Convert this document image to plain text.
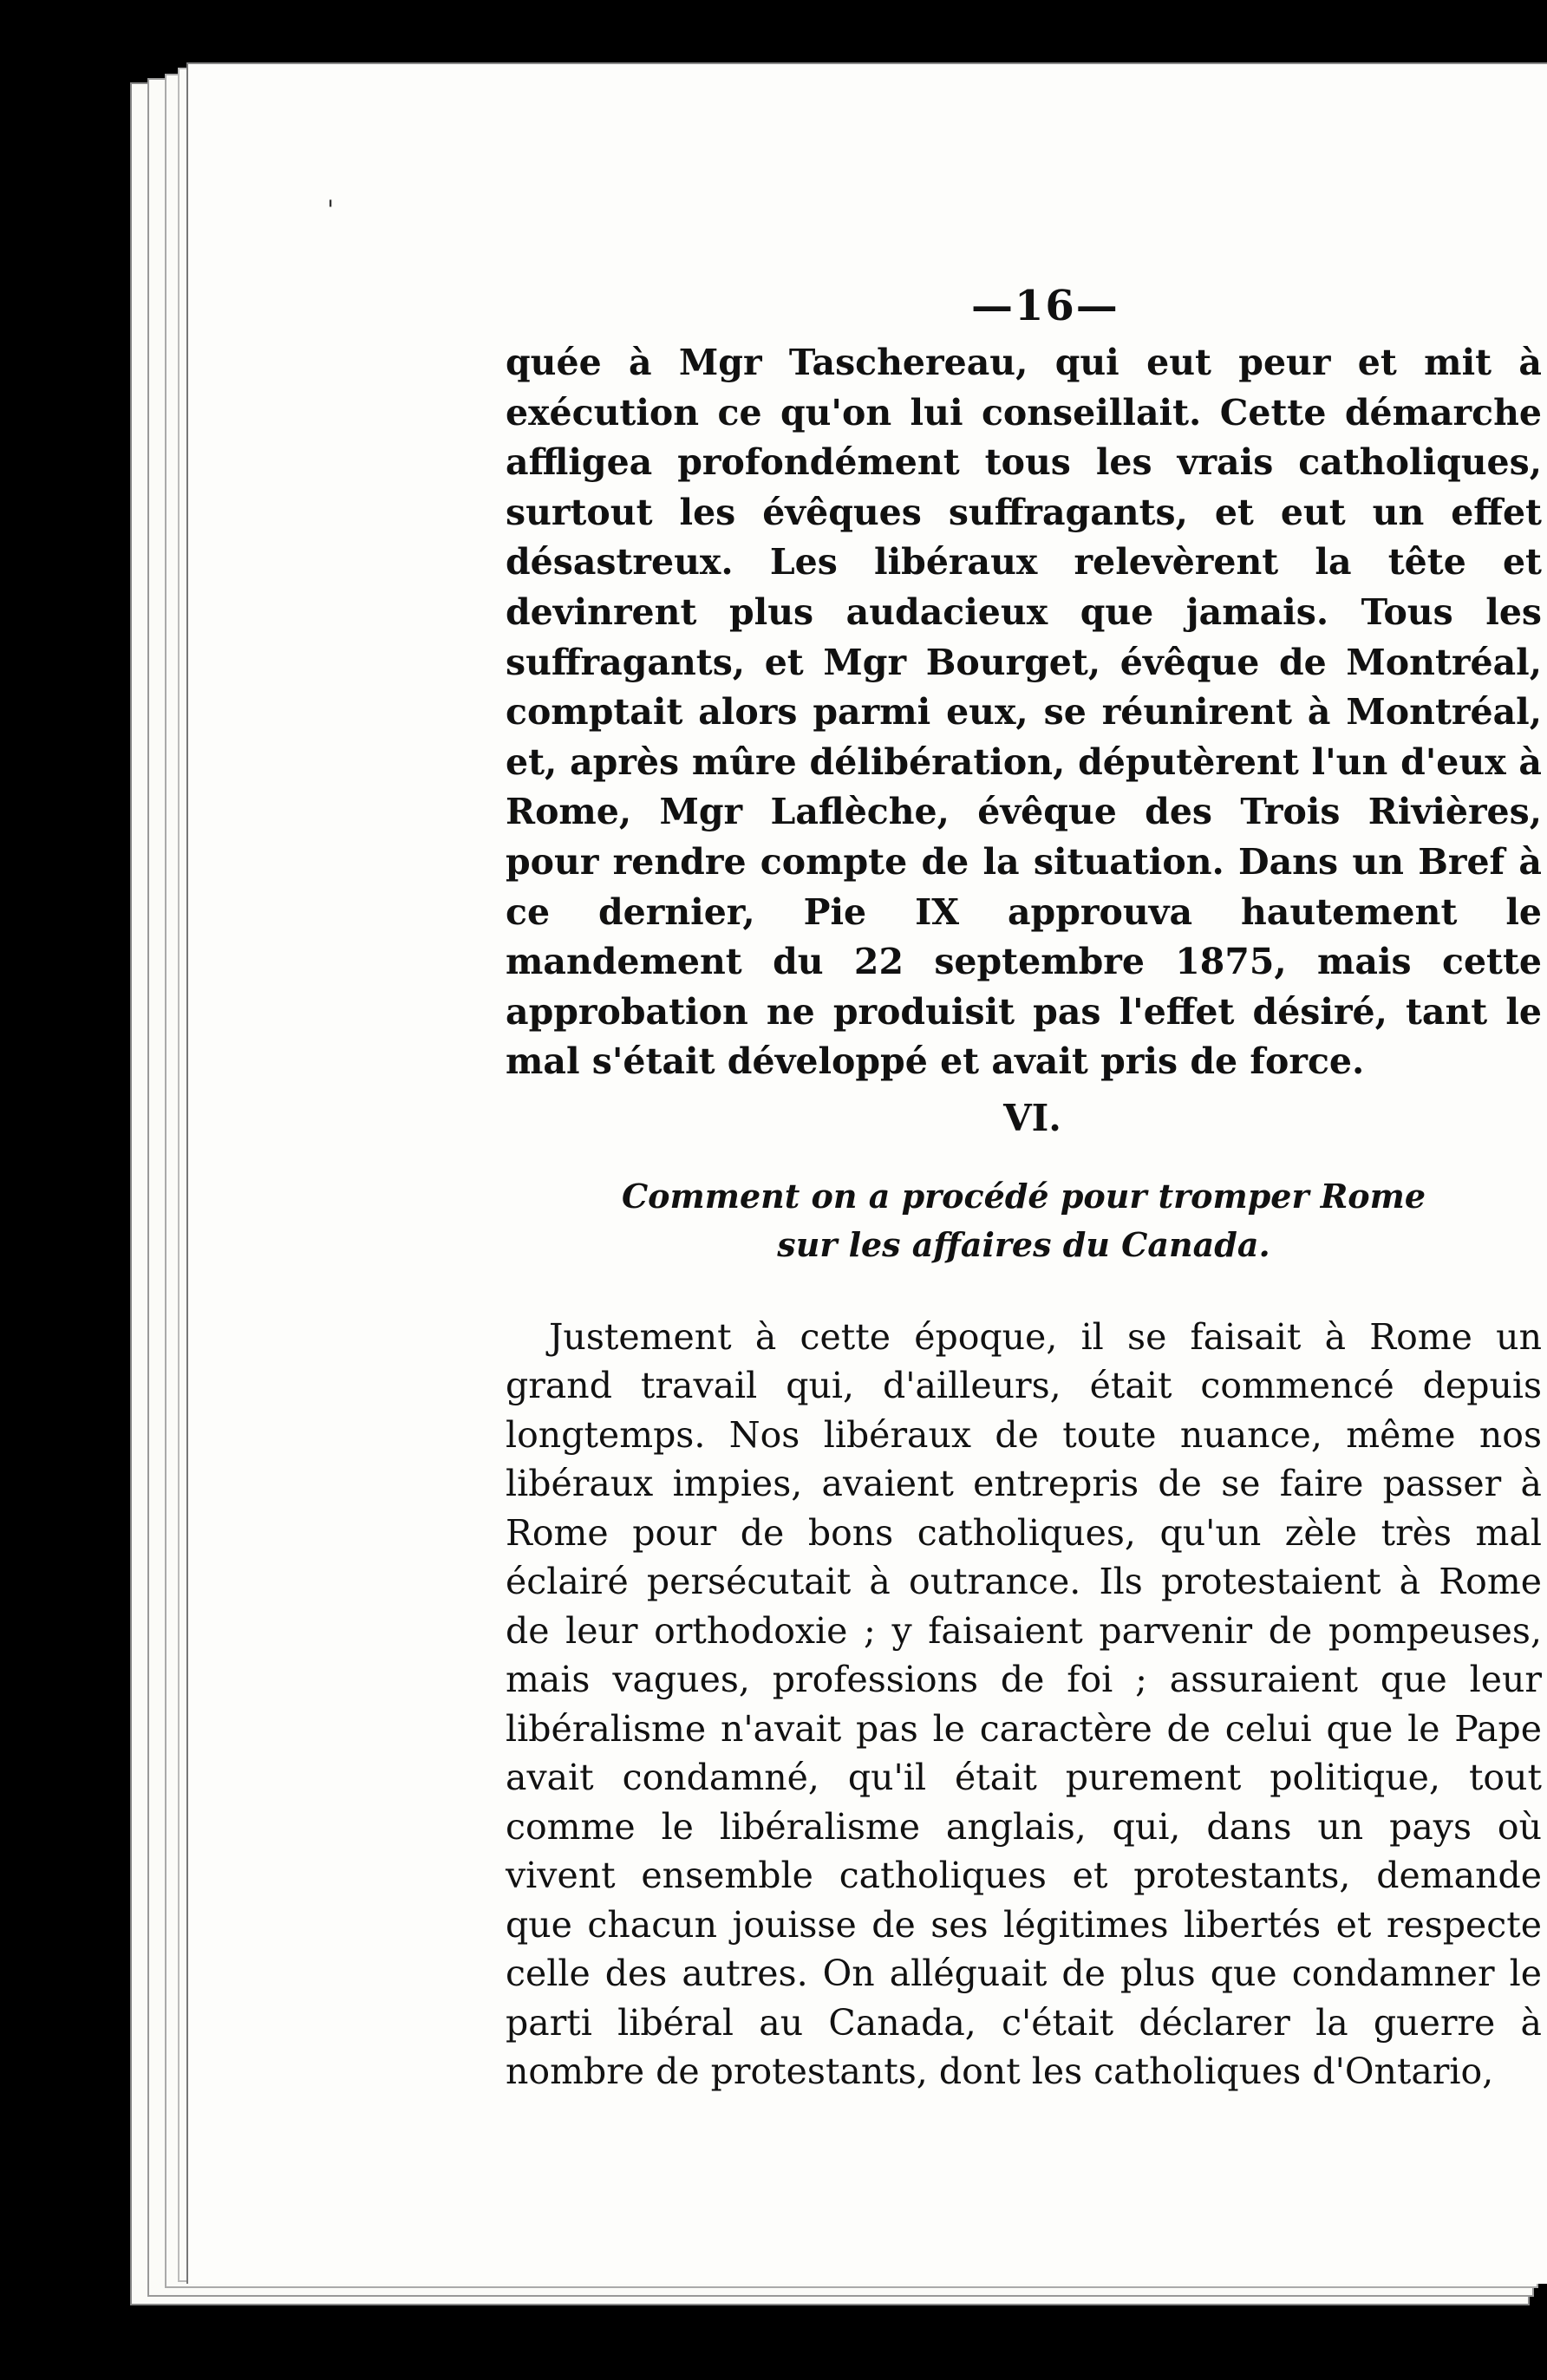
'
—16—

quée à Mgr Taschereau, qui eut peur et mit à exécution ce qu'on lui conseillait. Cette démarche affligea profondément tous les vrais catholiques, surtout les évêques suffragants, et eut un effet désastreux. Les libéraux relevèrent la tête et devinrent plus audacieux que jamais. Tous les suffragants, et Mgr Bourget, évêque de Montréal, comptait alors parmi eux, se réunirent à Montréal, et, après mûre délibération, députèrent l'un d'eux à Rome, Mgr Laflèche, évêque des Trois Rivières, pour rendre compte de la situation. Dans un Bref à ce dernier, Pie IX approuva hautement le mandement du 22 septembre 1875, mais cette approbation ne produisit pas l'effet désiré, tant le mal s'était développé et avait pris de force.

VI.
Comment on a procédé pour tromper Rome
sur les affaires du Canada.

Justement à cette époque, il se faisait à Rome un grand travail qui, d'ailleurs, était commencé depuis longtemps. Nos libéraux de toute nuance, même nos libéraux impies, avaient entrepris de se faire passer à Rome pour de bons catholiques, qu'un zèle très mal éclairé persécutait à outrance. Ils protestaient à Rome de leur orthodoxie ; y faisaient parvenir de pompeuses, mais vagues, professions de foi ; assuraient que leur libéralisme n'avait pas le caractère de celui que le Pape avait condamné, qu'il était purement politique, tout comme le libéralisme anglais, qui, dans un pays où vivent ensemble catholiques et protestants, demande que chacun jouisse de ses légitimes libertés et respecte celle des autres. On alléguait de plus que condamner le parti libéral au Canada, c'était déclarer la guerre à nombre de protestants, dont les catholiques d'Ontario,
